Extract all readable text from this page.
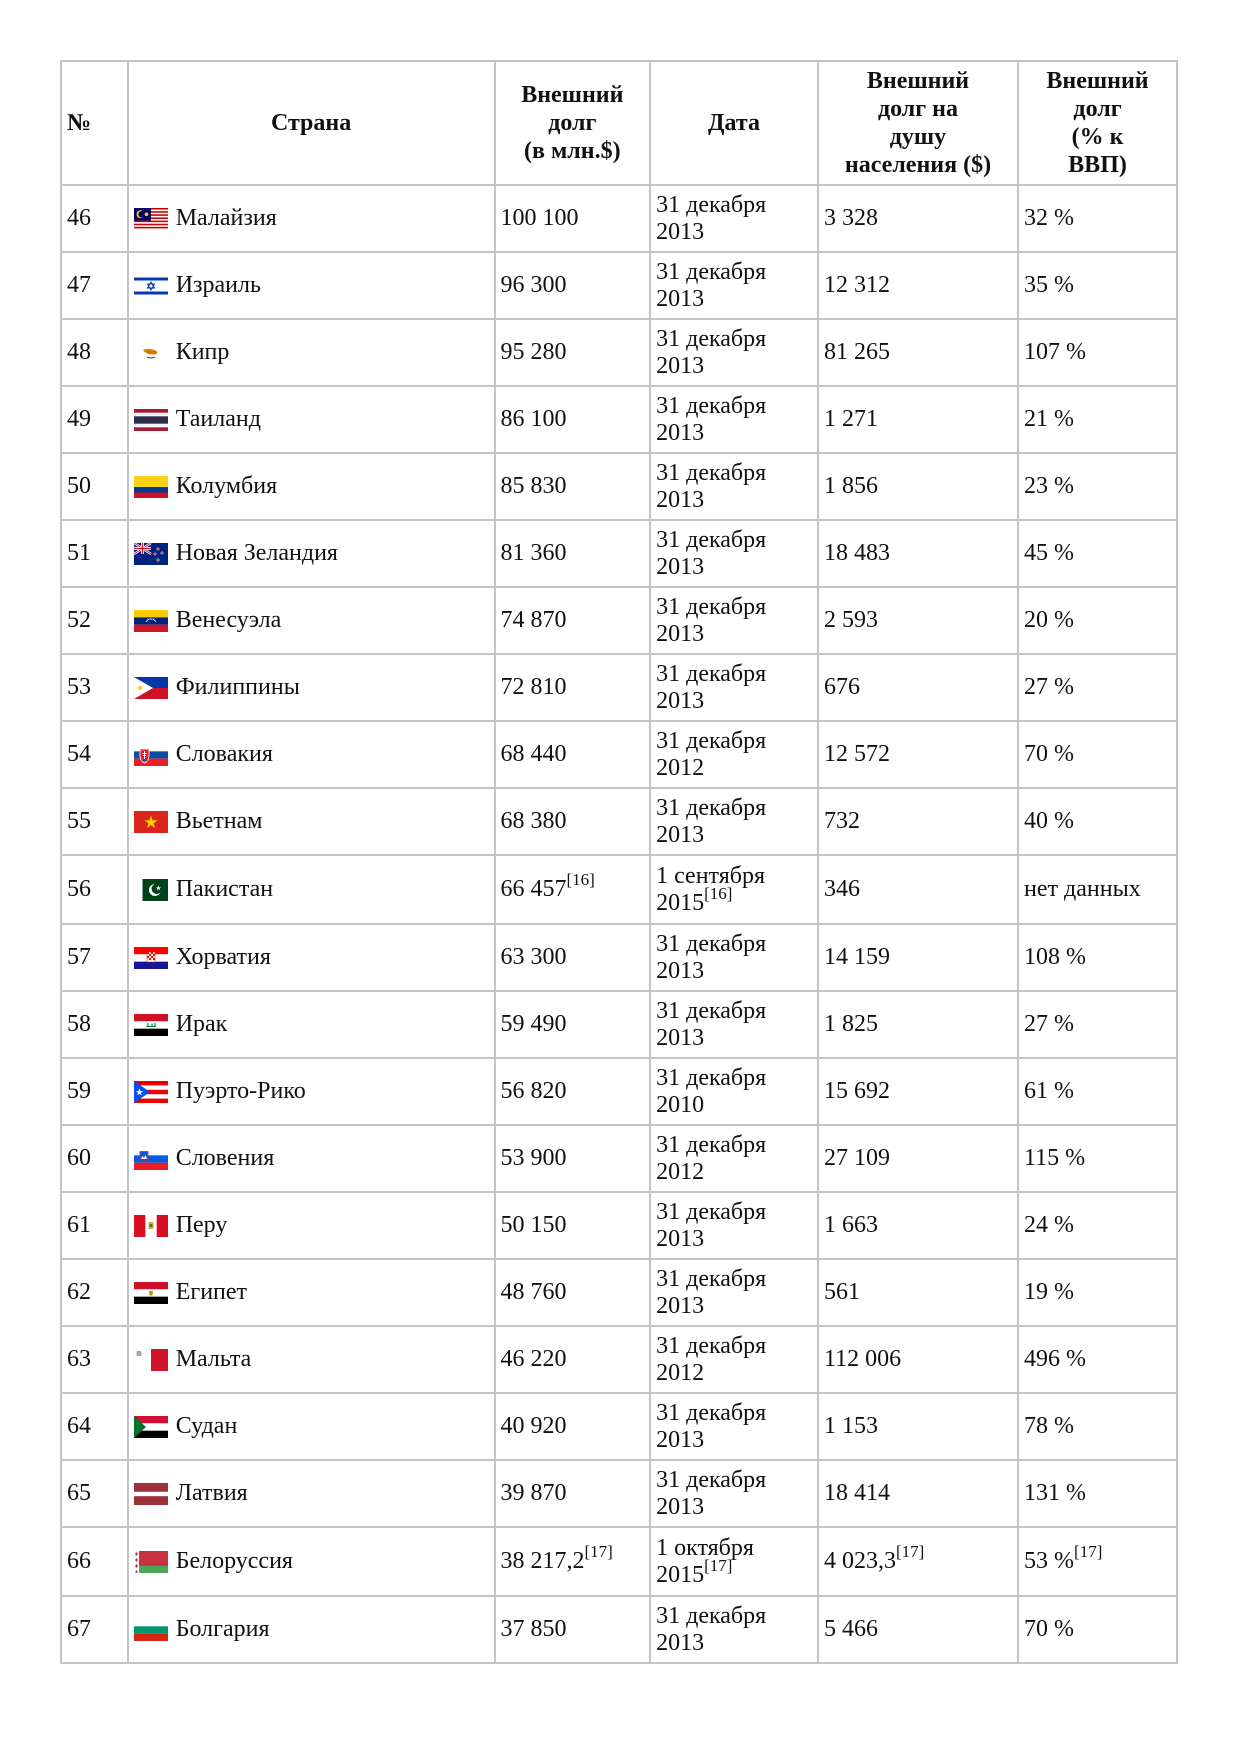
№	Страна	Внешний
долг
(в млн.$)	Дата	Внешний
долг на
душу
населения ($)	Внешний
долг
(% к
ВВП)
46	Малайзия	100 100	31 декабря
2013	3 328	32 %
47	Израиль	96 300	31 декабря
2013	12 312	35 %
48	Кипр	95 280	31 декабря
2013	81 265	107 %
49	Таиланд	86 100	31 декабря
2013	1 271	21 %
50	Колумбия	85 830	31 декабря
2013	1 856	23 %
51	Новая Зеландия	81 360	31 декабря
2013	18 483	45 %
52	Венесуэла	74 870	31 декабря
2013	2 593	20 %
53	Филиппины	72 810	31 декабря
2013	676	27 %
54	Словакия	68 440	31 декабря
2012	12 572	70 %
55	Вьетнам	68 380	31 декабря
2013	732	40 %
56	Пакистан	66 457[16]	1 сентября
2015[16]	346	нет данных
57	Хорватия	63 300	31 декабря
2013	14 159	108 %
58	Ирак	59 490	31 декабря
2013	1 825	27 %
59	Пуэрто-Рико	56 820	31 декабря
2010	15 692	61 %
60	Словения	53 900	31 декабря
2012	27 109	115 %
61	Перу	50 150	31 декабря
2013	1 663	24 %
62	Египет	48 760	31 декабря
2013	561	19 %
63	Мальта	46 220	31 декабря
2012	112 006	496 %
64	Судан	40 920	31 декабря
2013	1 153	78 %
65	Латвия	39 870	31 декабря
2013	18 414	131 %
66	Белоруссия	38 217,2[17]	1 октября
2015[17]	4 023,3[17]	53 %[17]
67	Болгария	37 850	31 декабря
2013	5 466	70 %
